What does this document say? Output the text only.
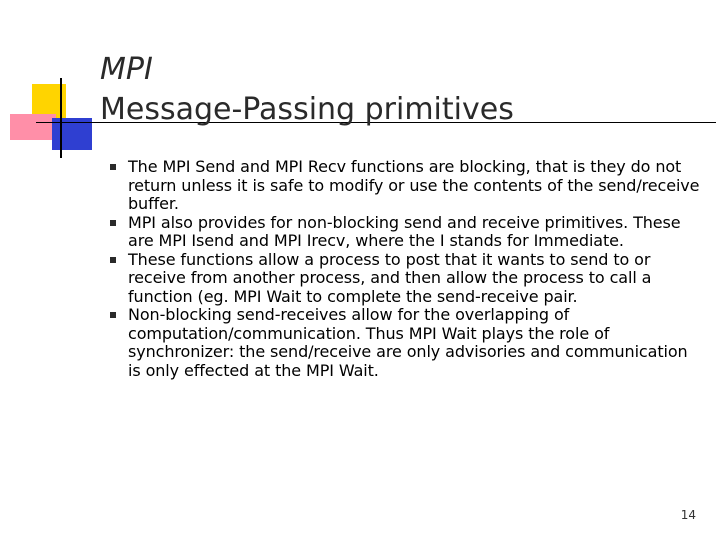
MPI
Message-Passing primitives
The MPI Send and MPI Recv functions are blocking, that is they do not return unless it is safe to modify or use the contents of the send/receive buffer.
MPI also provides for non-blocking send and receive primitives. These are MPI Isend and MPI Irecv, where the I stands for Immediate.
These functions allow a process to post that it wants to send to or receive from another process, and then allow the process to call a function (eg. MPI Wait to complete the send-receive pair.
Non-blocking send-receives allow for the overlapping of computation/communication. Thus MPI Wait plays the role of synchronizer: the send/receive are only advisories and communication is only effected at the MPI Wait.
14
